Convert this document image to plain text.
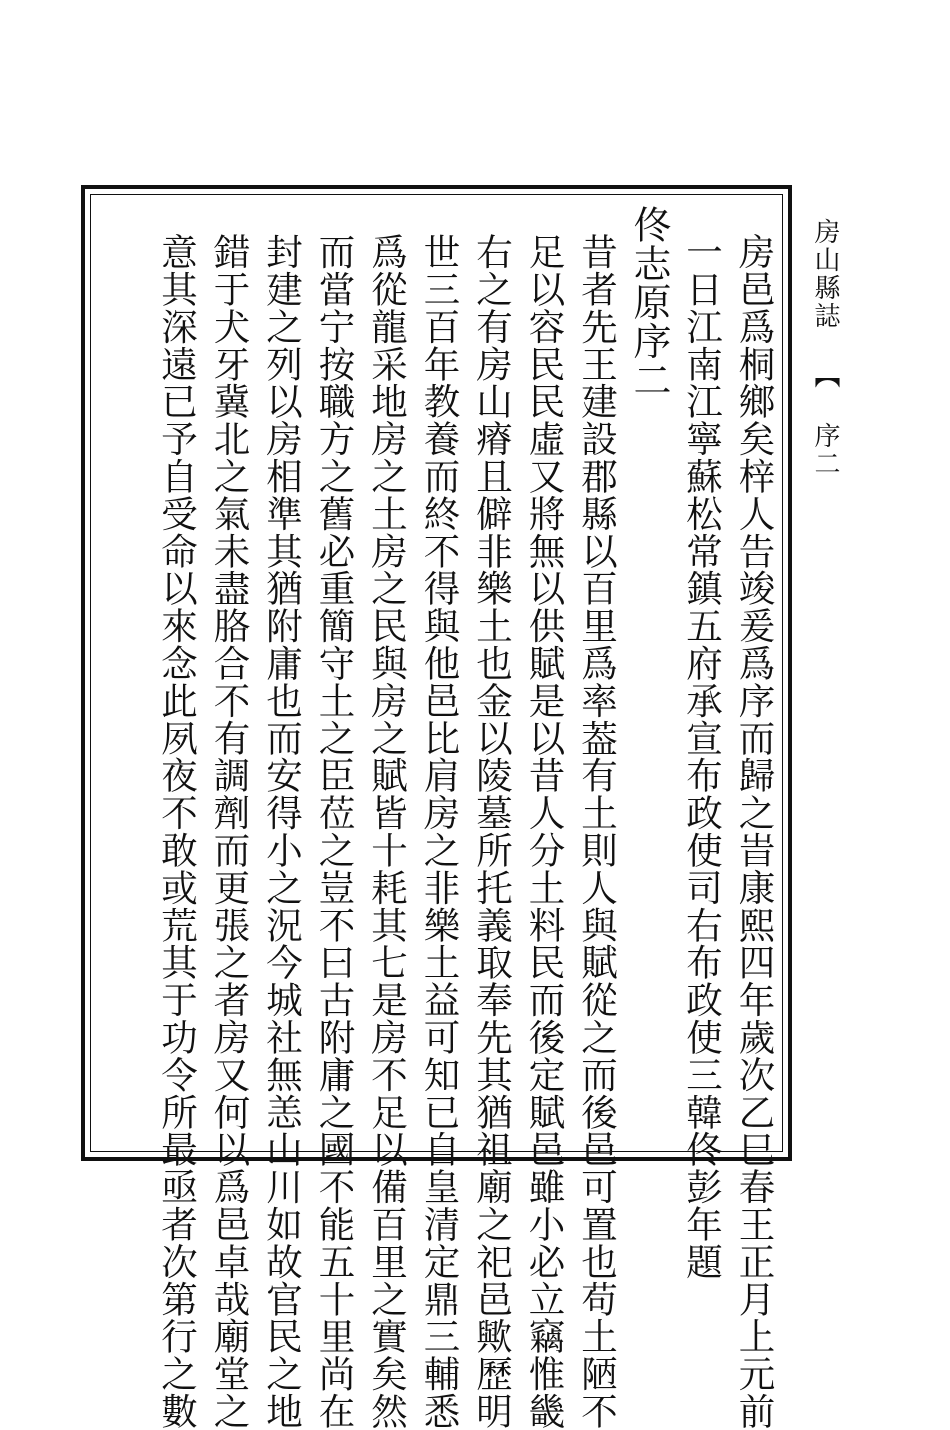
房山縣誌 【 序二
房邑爲桐鄉矣梓人告竣爰爲序而歸之旹康熙四年歲次乙巳春王正月上元前
一日江南江寧蘇松常鎮五府承宣布政使司右布政使三韓佟彭年題
佟志原序二
昔者先王建設郡縣以百里爲率葢有土則人與賦從之而後邑可置也苟土陋不
足以容民民虛又將無以供賦是以昔人分土料民而後定賦邑雖小必立竊惟畿
右之有房山瘠且僻非樂土也金以陵墓所托義取奉先其猶祖廟之祀邑歟歷明
世三百年教養而終不得與他邑比肩房之非樂土益可知已自皇清定鼎三輔悉
爲從龍采地房之土房之民與房之賦皆十耗其七是房不足以備百里之實矣然
而當宁按職方之舊必重簡守土之臣莅之豈不曰古附庸之國不能五十里尚在
封建之列以房相準其猶附庸也而安得小之況今城社無恙山川如故官民之地
錯于犬牙冀北之氣未盡胳合不有調劑而更張之者房又何以爲邑卓哉廟堂之
意其深遠已予自受命以來念此夙夜不敢或荒其于功令所最亟者次第行之數
